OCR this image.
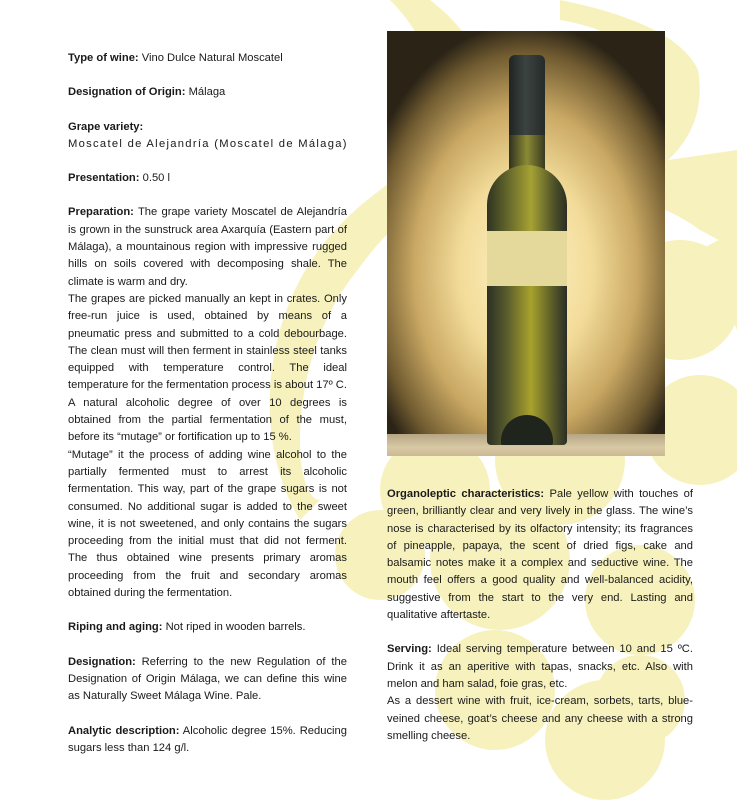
Type of wine: Vino Dulce Natural Moscatel

Designation of Origin: Málaga

Grape variety:
Moscatel de Alejandría (Moscatel de Málaga)

Presentation: 0.50 l

Preparation: The grape variety Moscatel de Alejandría is grown in the sunstruck area Axarquía (Eastern part of Málaga), a mountainous region with impressive rugged hills on soils covered with decomposing shale. The climate is warm and dry.

The grapes are picked manually an kept in crates. Only free-run juice is used, obtained by means of a pneumatic press and submitted to a cold debourbage. The clean must will then ferment in stainless steel tanks equipped with temperature control. The ideal temperature for the fermentation process is about 17º C. A natural alcoholic degree of over 10 degrees is obtained from the partial fermentation of the must, before its “mutage” or fortification up to 15 %.

“Mutage” it the process of adding wine alcohol to the partially fermented must to arrest its alcoholic fermentation. This way, part of the grape sugars is not consumed. No additional sugar is added to the sweet wine, it is not sweetened, and only contains the sugars proceeding from the initial must that did not ferment. The thus obtained wine presents primary aromas proceeding from the fruit and secondary aromas obtained during the fermentation.

Riping and aging: Not riped in wooden barrels.

Designation: Referring to the new Regulation of the Designation of Origin Málaga, we can define this wine as Naturally Sweet Málaga Wine. Pale.

Analytic description: Alcoholic degree 15%. Reducing sugars less than 124 g/l.

Organoleptic characteristics: Pale yellow with touches of green, brilliantly clear and very lively in the glass. The wine’s nose is characterised by its olfactory intensity; its fragrances of pineapple, papaya, the scent of dried figs, cake and balsamic notes make it a complex and seductive wine. The mouth feel offers a good quality and well-balanced acidity, suggestive from the start to the very end. Lasting and qualitative aftertaste.

Serving: Ideal serving temperature between 10 and 15 ºC. Drink it as an aperitive with tapas, snacks, etc. Also with melon and ham salad, foie gras, etc.

As a dessert wine with fruit, ice-cream, sorbets, tarts, blue-veined cheese, goat’s cheese and any cheese with a strong smelling cheese.
